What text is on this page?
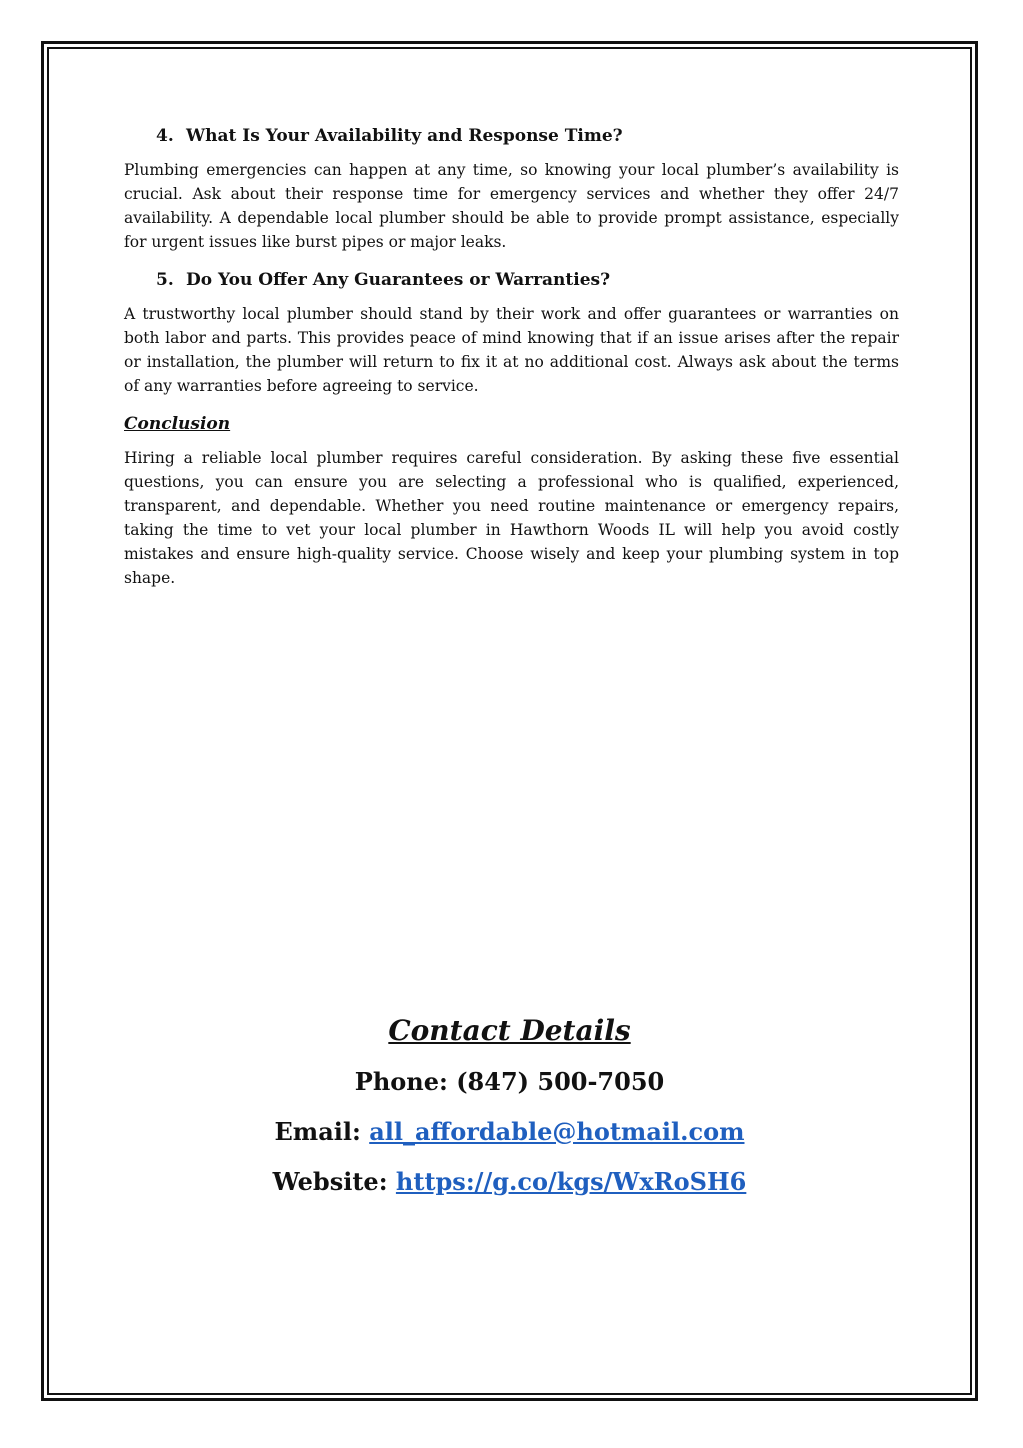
4. What Is Your Availability and Response Time?

Plumbing emergencies can happen at any time, so knowing your local plumber’s availability is crucial. Ask about their response time for emergency services and whether they offer 24/7 availability. A dependable local plumber should be able to provide prompt assistance, especially for urgent issues like burst pipes or major leaks.

5. Do You Offer Any Guarantees or Warranties?

A trustworthy local plumber should stand by their work and offer guarantees or warranties on both labor and parts. This provides peace of mind knowing that if an issue arises after the repair or installation, the plumber will return to fix it at no additional cost. Always ask about the terms of any warranties before agreeing to service.

Conclusion

Hiring a reliable local plumber requires careful consideration. By asking these five essential questions, you can ensure you are selecting a professional who is qualified, experienced, transparent, and dependable. Whether you need routine maintenance or emergency repairs, taking the time to vet your local plumber in Hawthorn Woods IL will help you avoid costly mistakes and ensure high-quality service. Choose wisely and keep your plumbing system in top shape.

Contact Details
Phone: (847) 500-7050
Email: all_affordable@hotmail.com
Website: https://g.co/kgs/WxRoSH6
